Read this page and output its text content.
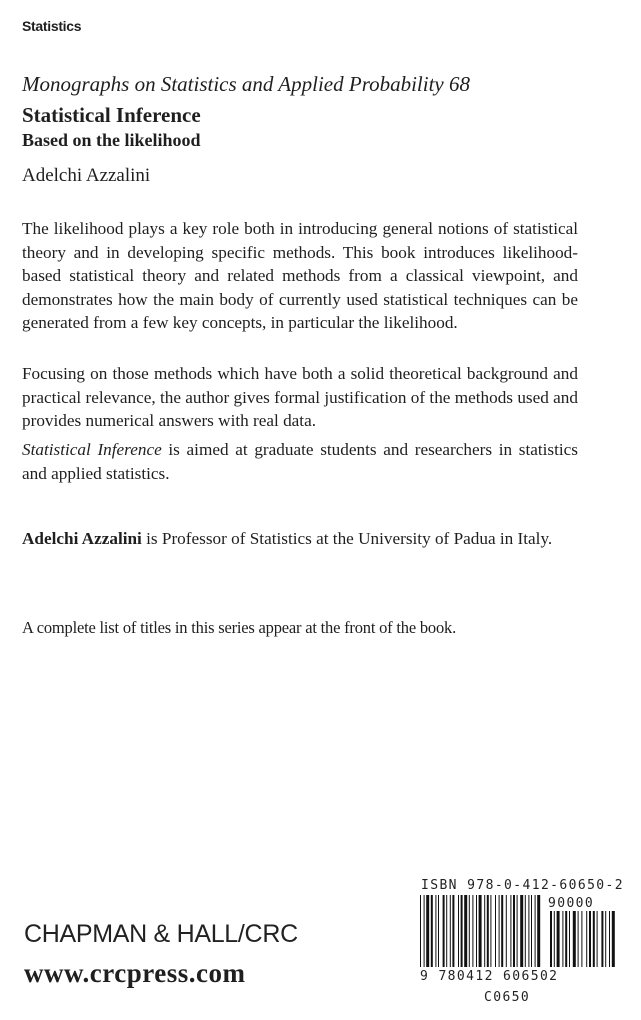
Statistics
Monographs on Statistics and Applied Probability 68
Statistical Inference
Based on the likelihood
Adelchi Azzalini

The likelihood plays a key role both in introducing general notions of statistical theory and in developing specific methods. This book introduces likelihood-based statistical theory and related methods from a classical viewpoint, and demonstrates how the main body of currently used statistical techniques can be generated from a few key concepts, in particular the likelihood.

Focusing on those methods which have both a solid theoretical background and practical relevance, the author gives formal justification of the methods used and provides numerical answers with real data.

Statistical Inference is aimed at graduate students and researchers in statistics and applied statistics.

Adelchi Azzalini is Professor of Statistics at the University of Padua in Italy.

A complete list of titles in this series appear at the front of the book.

CHAPMAN & HALL/CRC
www.crcpress.com
ISBN 978-0-412-60650-2
90000
9 780412 606502
C0650
